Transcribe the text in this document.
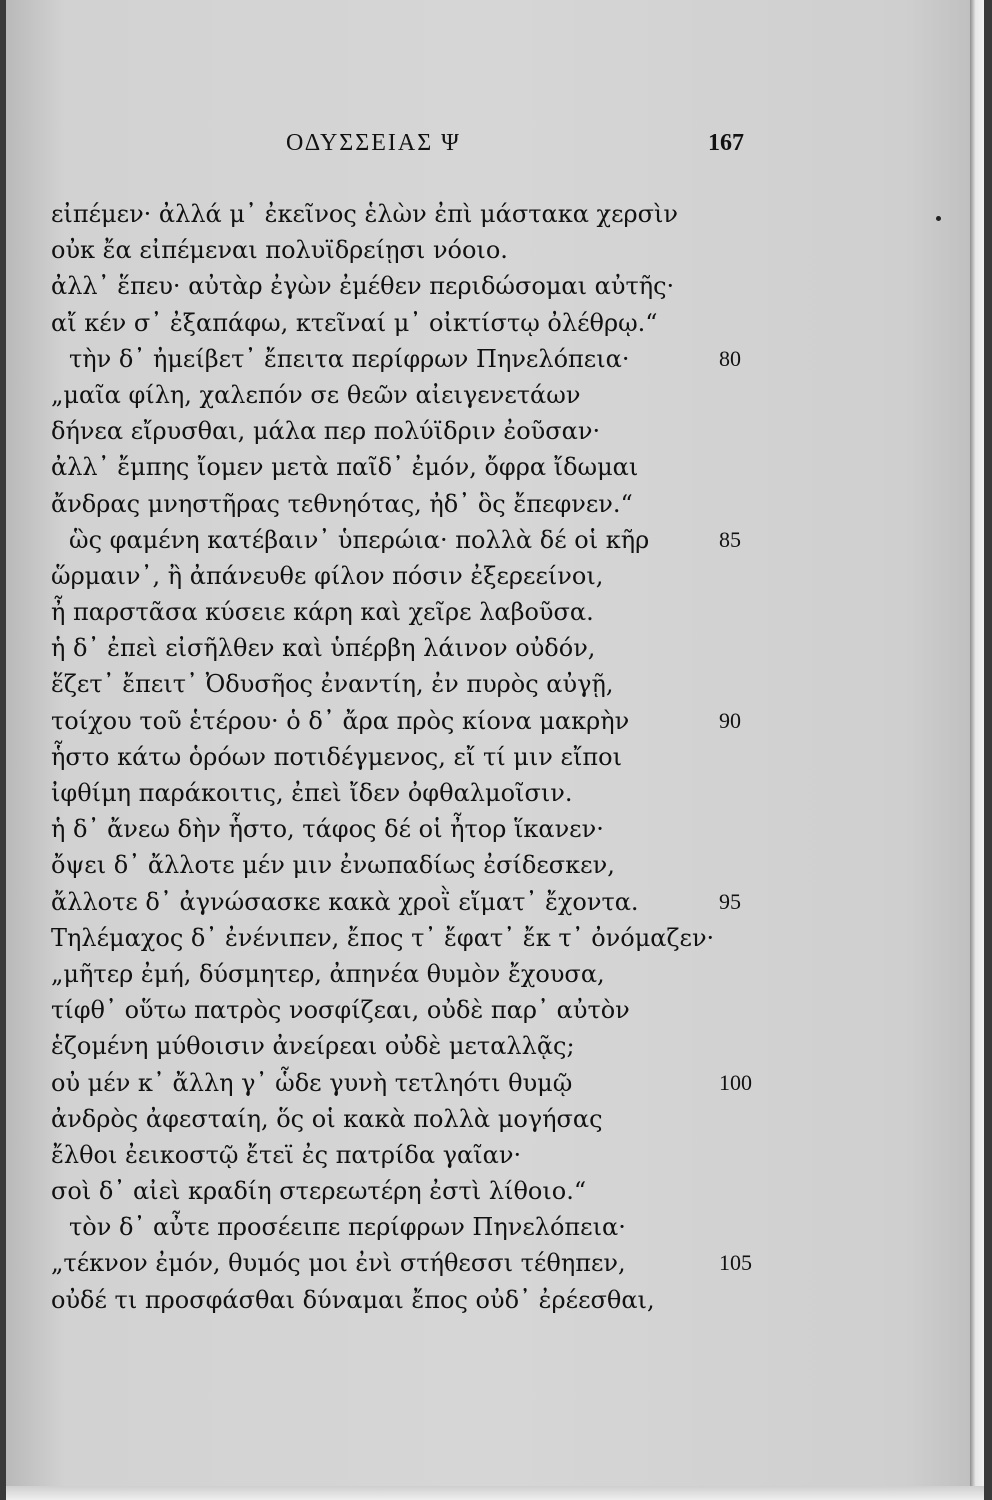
ΟΔΥΣΣΕΙΑΣ Ψ	167
εἰπέμεν· ἀλλά μ᾽ ἐκεῖνος ἑλὼν ἐπὶ μάστακα χερσὶν
οὐκ ἔα εἰπέμεναι πολυϊδρείῃσι νόοιο.
ἀλλ᾽ ἕπευ· αὐτὰρ ἐγὼν ἐμέθεν περιδώσομαι αὐτῆς·
αἴ κέν σ᾽ ἐξαπάφω, κτεῖναί μ᾽ οἰκτίστῳ ὀλέθρῳ.“
τὴν δ᾽ ἠμείβετ᾽ ἔπειτα περίφρων Πηνελόπεια·	80
„μαῖα φίλη, χαλεπόν σε θεῶν αἰειγενετάων
δήνεα εἴρυσθαι, μάλα περ πολύϊδριν ἐοῦσαν·
ἀλλ᾽ ἔμπης ἴομεν μετὰ παῖδ᾽ ἐμόν, ὄφρα ἴδωμαι
ἄνδρας μνηστῆρας τεθνηότας, ἠδ᾽ ὃς ἔπεφνεν.“
ὣς φαμένη κατέβαιν᾽ ὑπερώια· πολλὰ δέ οἱ κῆρ	85
ὥρμαιν᾽, ἢ ἀπάνευθε φίλον πόσιν ἐξερεείνοι,
ἦ παρστᾶσα κύσειε κάρη καὶ χεῖρε λαβοῦσα.
ἡ δ᾽ ἐπεὶ εἰσῆλθεν καὶ ὑπέρβη λάινον οὐδόν,
ἕζετ᾽ ἔπειτ᾽ Ὀδυσῆος ἐναντίη, ἐν πυρὸς αὐγῇ,
τοίχου τοῦ ἑτέρου· ὁ δ᾽ ἄρα πρὸς κίονα μακρὴν	90
ἧστο κάτω ὁρόων ποτιδέγμενος, εἴ τί μιν εἴποι
ἰφθίμη παράκοιτις, ἐπεὶ ἴδεν ὀφθαλμοῖσιν.
ἡ δ᾽ ἄνεω δὴν ἧστο, τάφος δέ οἱ ἦτορ ἵκανεν·
ὄψει δ᾽ ἄλλοτε μέν μιν ἐνωπαδίως ἐσίδεσκεν,
ἄλλοτε δ᾽ ἀγνώσασκε κακὰ χροῒ εἵματ᾽ ἔχοντα.	95
Τηλέμαχος δ᾽ ἐνένιπεν, ἔπος τ᾽ ἔφατ᾽ ἔκ τ᾽ ὀνόμαζεν·
„μῆτερ ἐμή, δύσμητερ, ἀπηνέα θυμὸν ἔχουσα,
τίφθ᾽ οὕτω πατρὸς νοσφίζεαι, οὐδὲ παρ᾽ αὐτὸν
ἑζομένη μύθοισιν ἀνείρεαι οὐδὲ μεταλλᾷς;
οὐ μέν κ᾽ ἄλλη γ᾽ ὧδε γυνὴ τετληότι θυμῷ	100
ἀνδρὸς ἀφεσταίη, ὅς οἱ κακὰ πολλὰ μογήσας
ἔλθοι ἐεικοστῷ ἔτεϊ ἐς πατρίδα γαῖαν·
σοὶ δ᾽ αἰεὶ κραδίη στερεωτέρη ἐστὶ λίθοιο.“
τὸν δ᾽ αὖτε προσέειπε περίφρων Πηνελόπεια·
„τέκνον ἐμόν, θυμός μοι ἐνὶ στήθεσσι τέθηπεν,	105
οὐδέ τι προσφάσθαι δύναμαι ἔπος οὐδ᾽ ἐρέεσθαι,
